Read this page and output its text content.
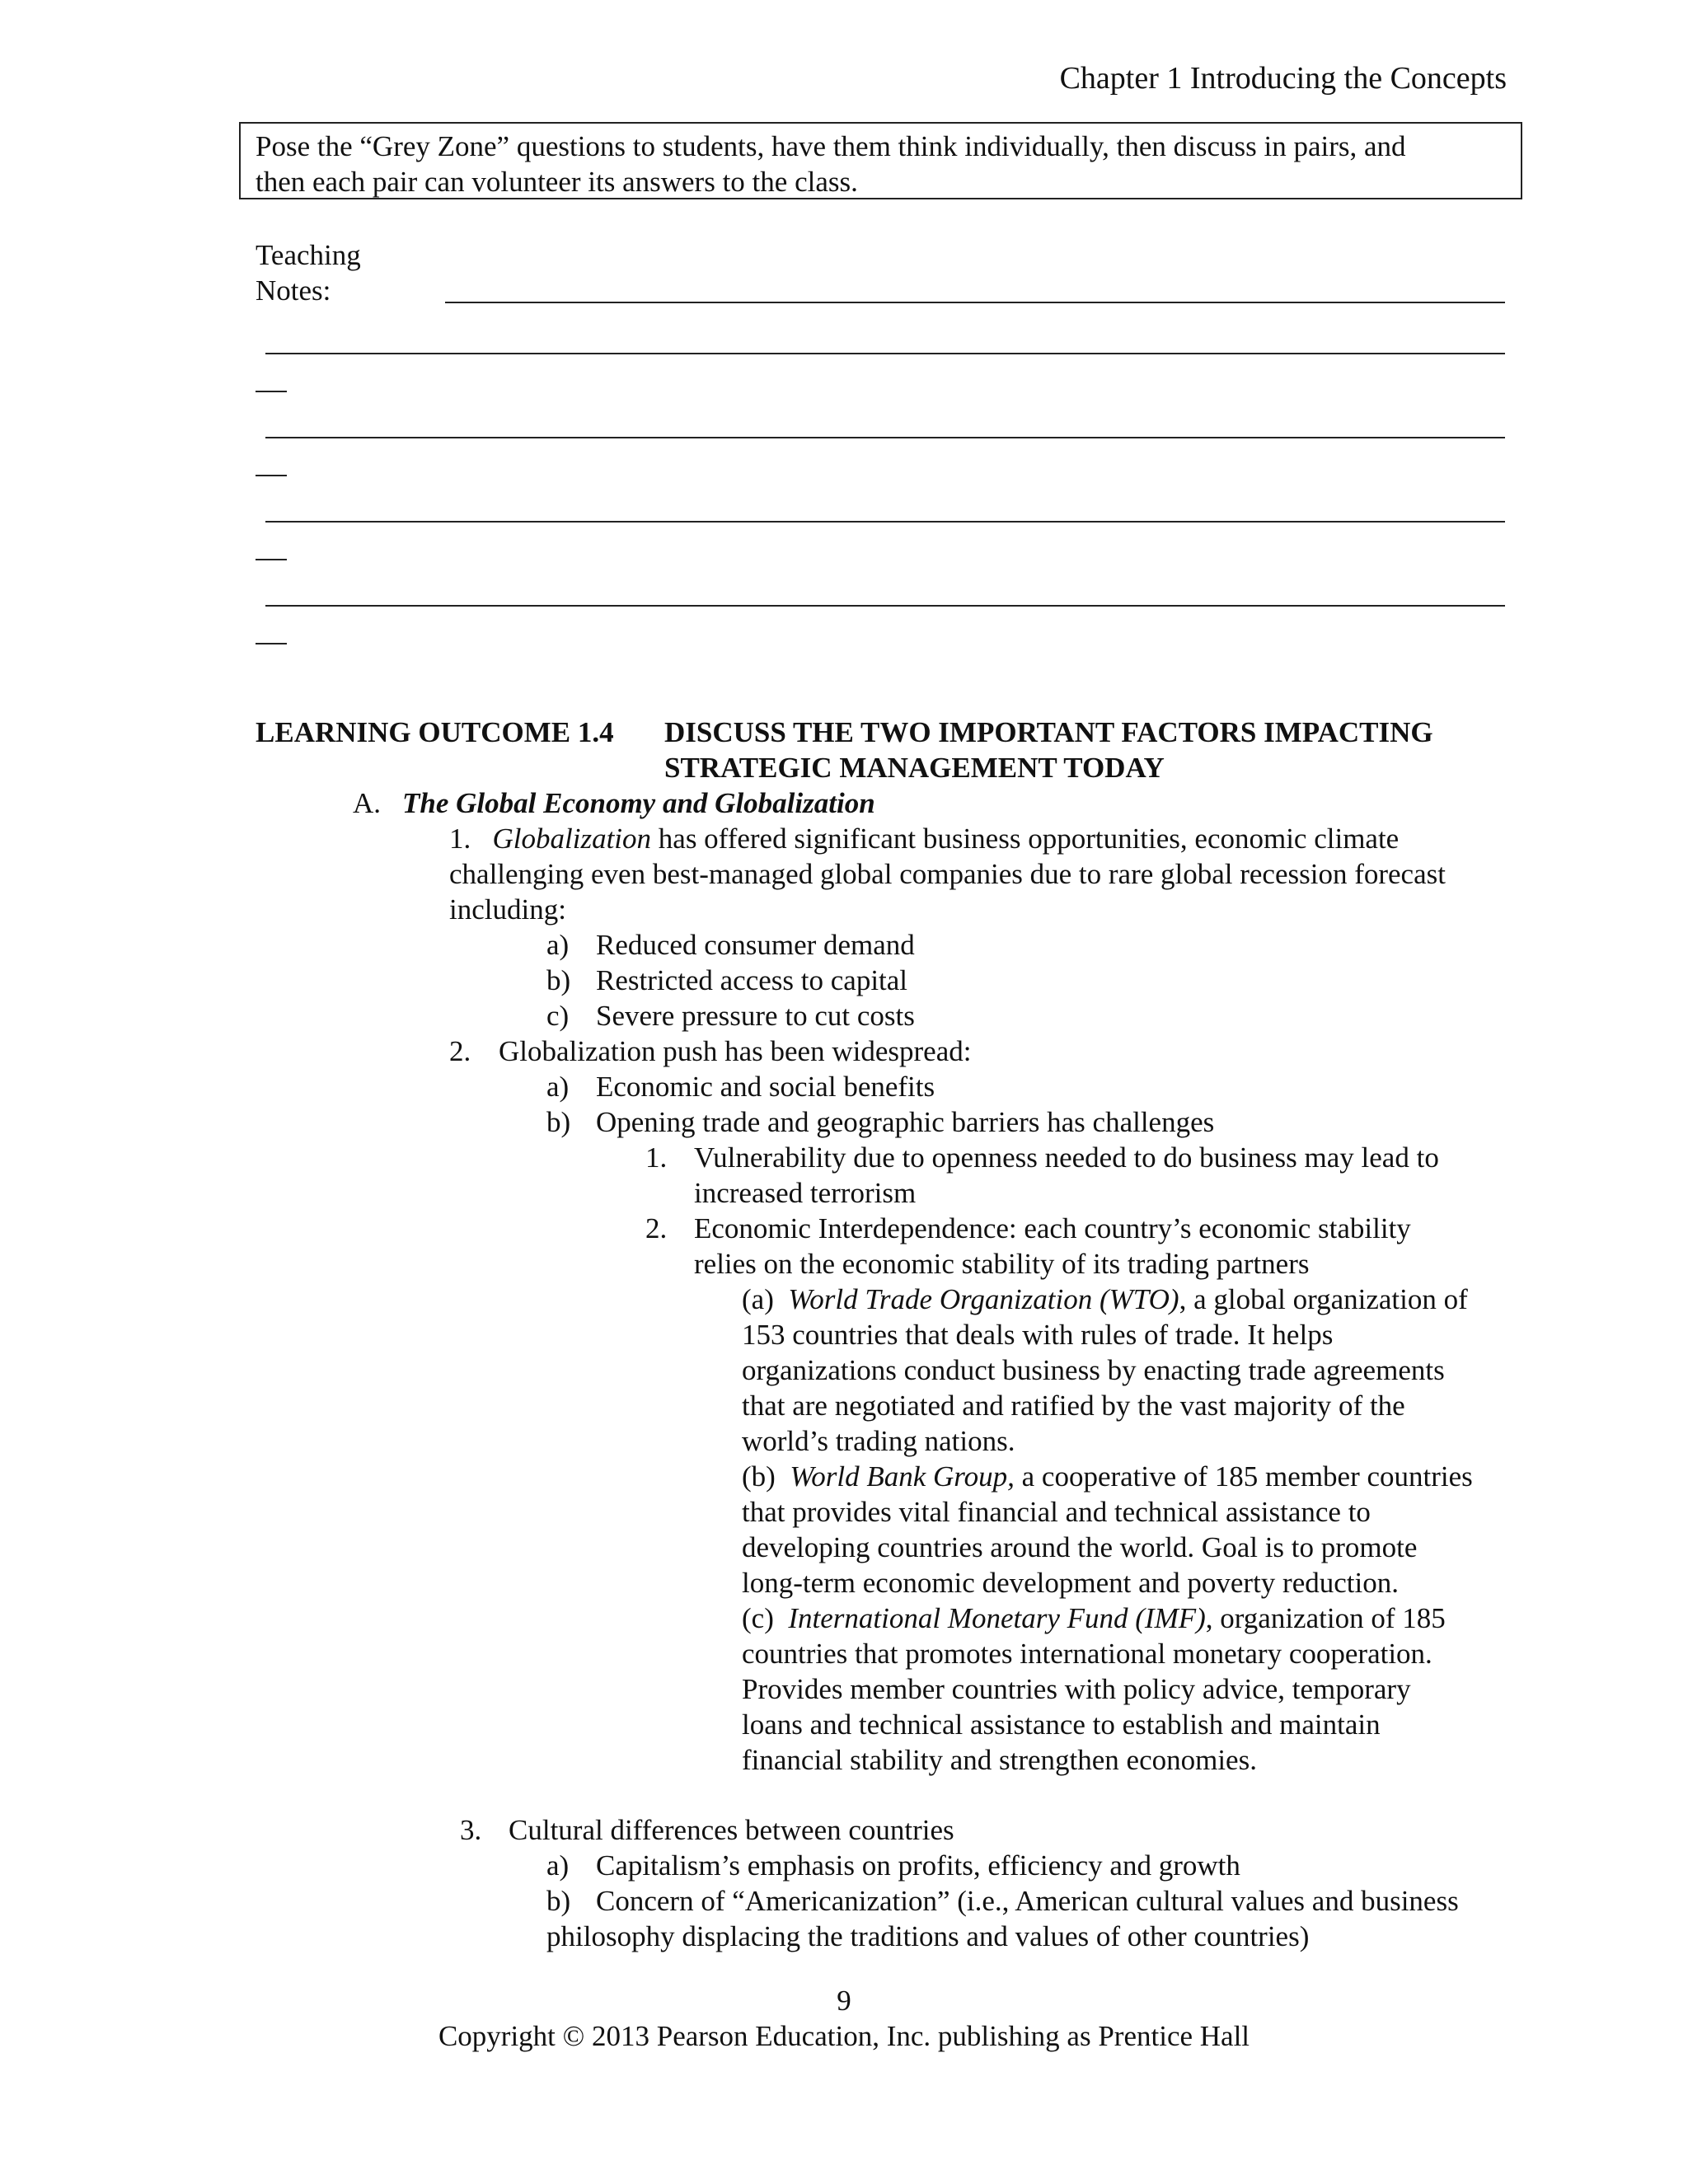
Chapter 1 Introducing the Concepts
Pose the “Grey Zone” questions to students, have them think individually, then discuss in pairs, and
then each pair can volunteer its answers to the class.
Teaching
Notes:
LEARNING OUTCOME 1.4 DISCUSS THE TWO IMPORTANT FACTORS IMPACTING
STRATEGIC MANAGEMENT TODAY
A. The Global Economy and Globalization
1. Globalization has offered significant business opportunities, economic climate
challenging even best-managed global companies due to rare global recession forecast
including:
a) Reduced consumer demand
b) Restricted access to capital
c) Severe pressure to cut costs
2. Globalization push has been widespread:
a) Economic and social benefits
b) Opening trade and geographic barriers has challenges
1. Vulnerability due to openness needed to do business may lead to
increased terrorism
2. Economic Interdependence: each country’s economic stability
relies on the economic stability of its trading partners
(a) World Trade Organization (WTO), a global organization of
153 countries that deals with rules of trade. It helps
organizations conduct business by enacting trade agreements
that are negotiated and ratified by the vast majority of the
world’s trading nations.
(b) World Bank Group, a cooperative of 185 member countries
that provides vital financial and technical assistance to
developing countries around the world. Goal is to promote
long-term economic development and poverty reduction.
(c) International Monetary Fund (IMF), organization of 185
countries that promotes international monetary cooperation.
Provides member countries with policy advice, temporary
loans and technical assistance to establish and maintain
financial stability and strengthen economies.
3. Cultural differences between countries
a) Capitalism’s emphasis on profits, efficiency and growth
b) Concern of “Americanization” (i.e., American cultural values and business
philosophy displacing the traditions and values of other countries)
9
Copyright © 2013 Pearson Education, Inc. publishing as Prentice Hall
